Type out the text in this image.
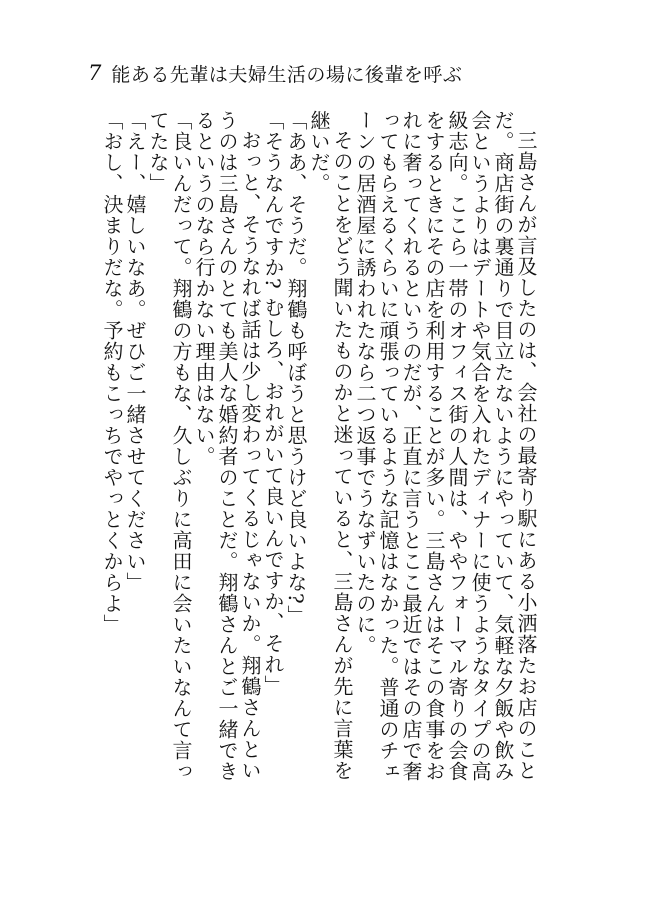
7 能ある先輩は夫婦生活の場に後輩を呼ぶ

三島さんが言及したのは、会社の最寄り駅にある小洒落たお店のことだ。商店街の裏通りで目立たないようにやっていて、気軽な夕飯や飲み会というよりはデートや気合を入れたディナーに使うようなタイプの高級志向。ここら一帯のオフィス街の人間は、ややフォーマル寄りの会食をするときにその店を利用することが多い。三島さんはそこの食事をおれに奢ってくれるというのだが、正直に言うとここ最近ではその店で奢ってもらえるくらいに頑張っているような記憶はなかった。普通のチェーンの居酒屋に誘われたなら二つ返事でうなずいたのに。

そのことをどう聞いたものかと迷っていると、三島さんが先に言葉を継いだ。

「ああ、そうだ。翔鶴も呼ぼうと思うけど良いよな?」

「そうなんですか? むしろ、おれがいて良いんですか、それ」

おっと、そうなれば話は少し変わってくるじゃないか。翔鶴さんというのは三島さんのとても美人な婚約者のことだ。翔鶴さんとご一緒できるというのなら行かない理由はない。

「良いんだって。翔鶴の方もな、久しぶりに高田に会いたいなんて言ってたな」

「えー、嬉しいなあ。ぜひご一緒させてください」

「おし、決まりだな。予約もこっちでやっとくからよ」
